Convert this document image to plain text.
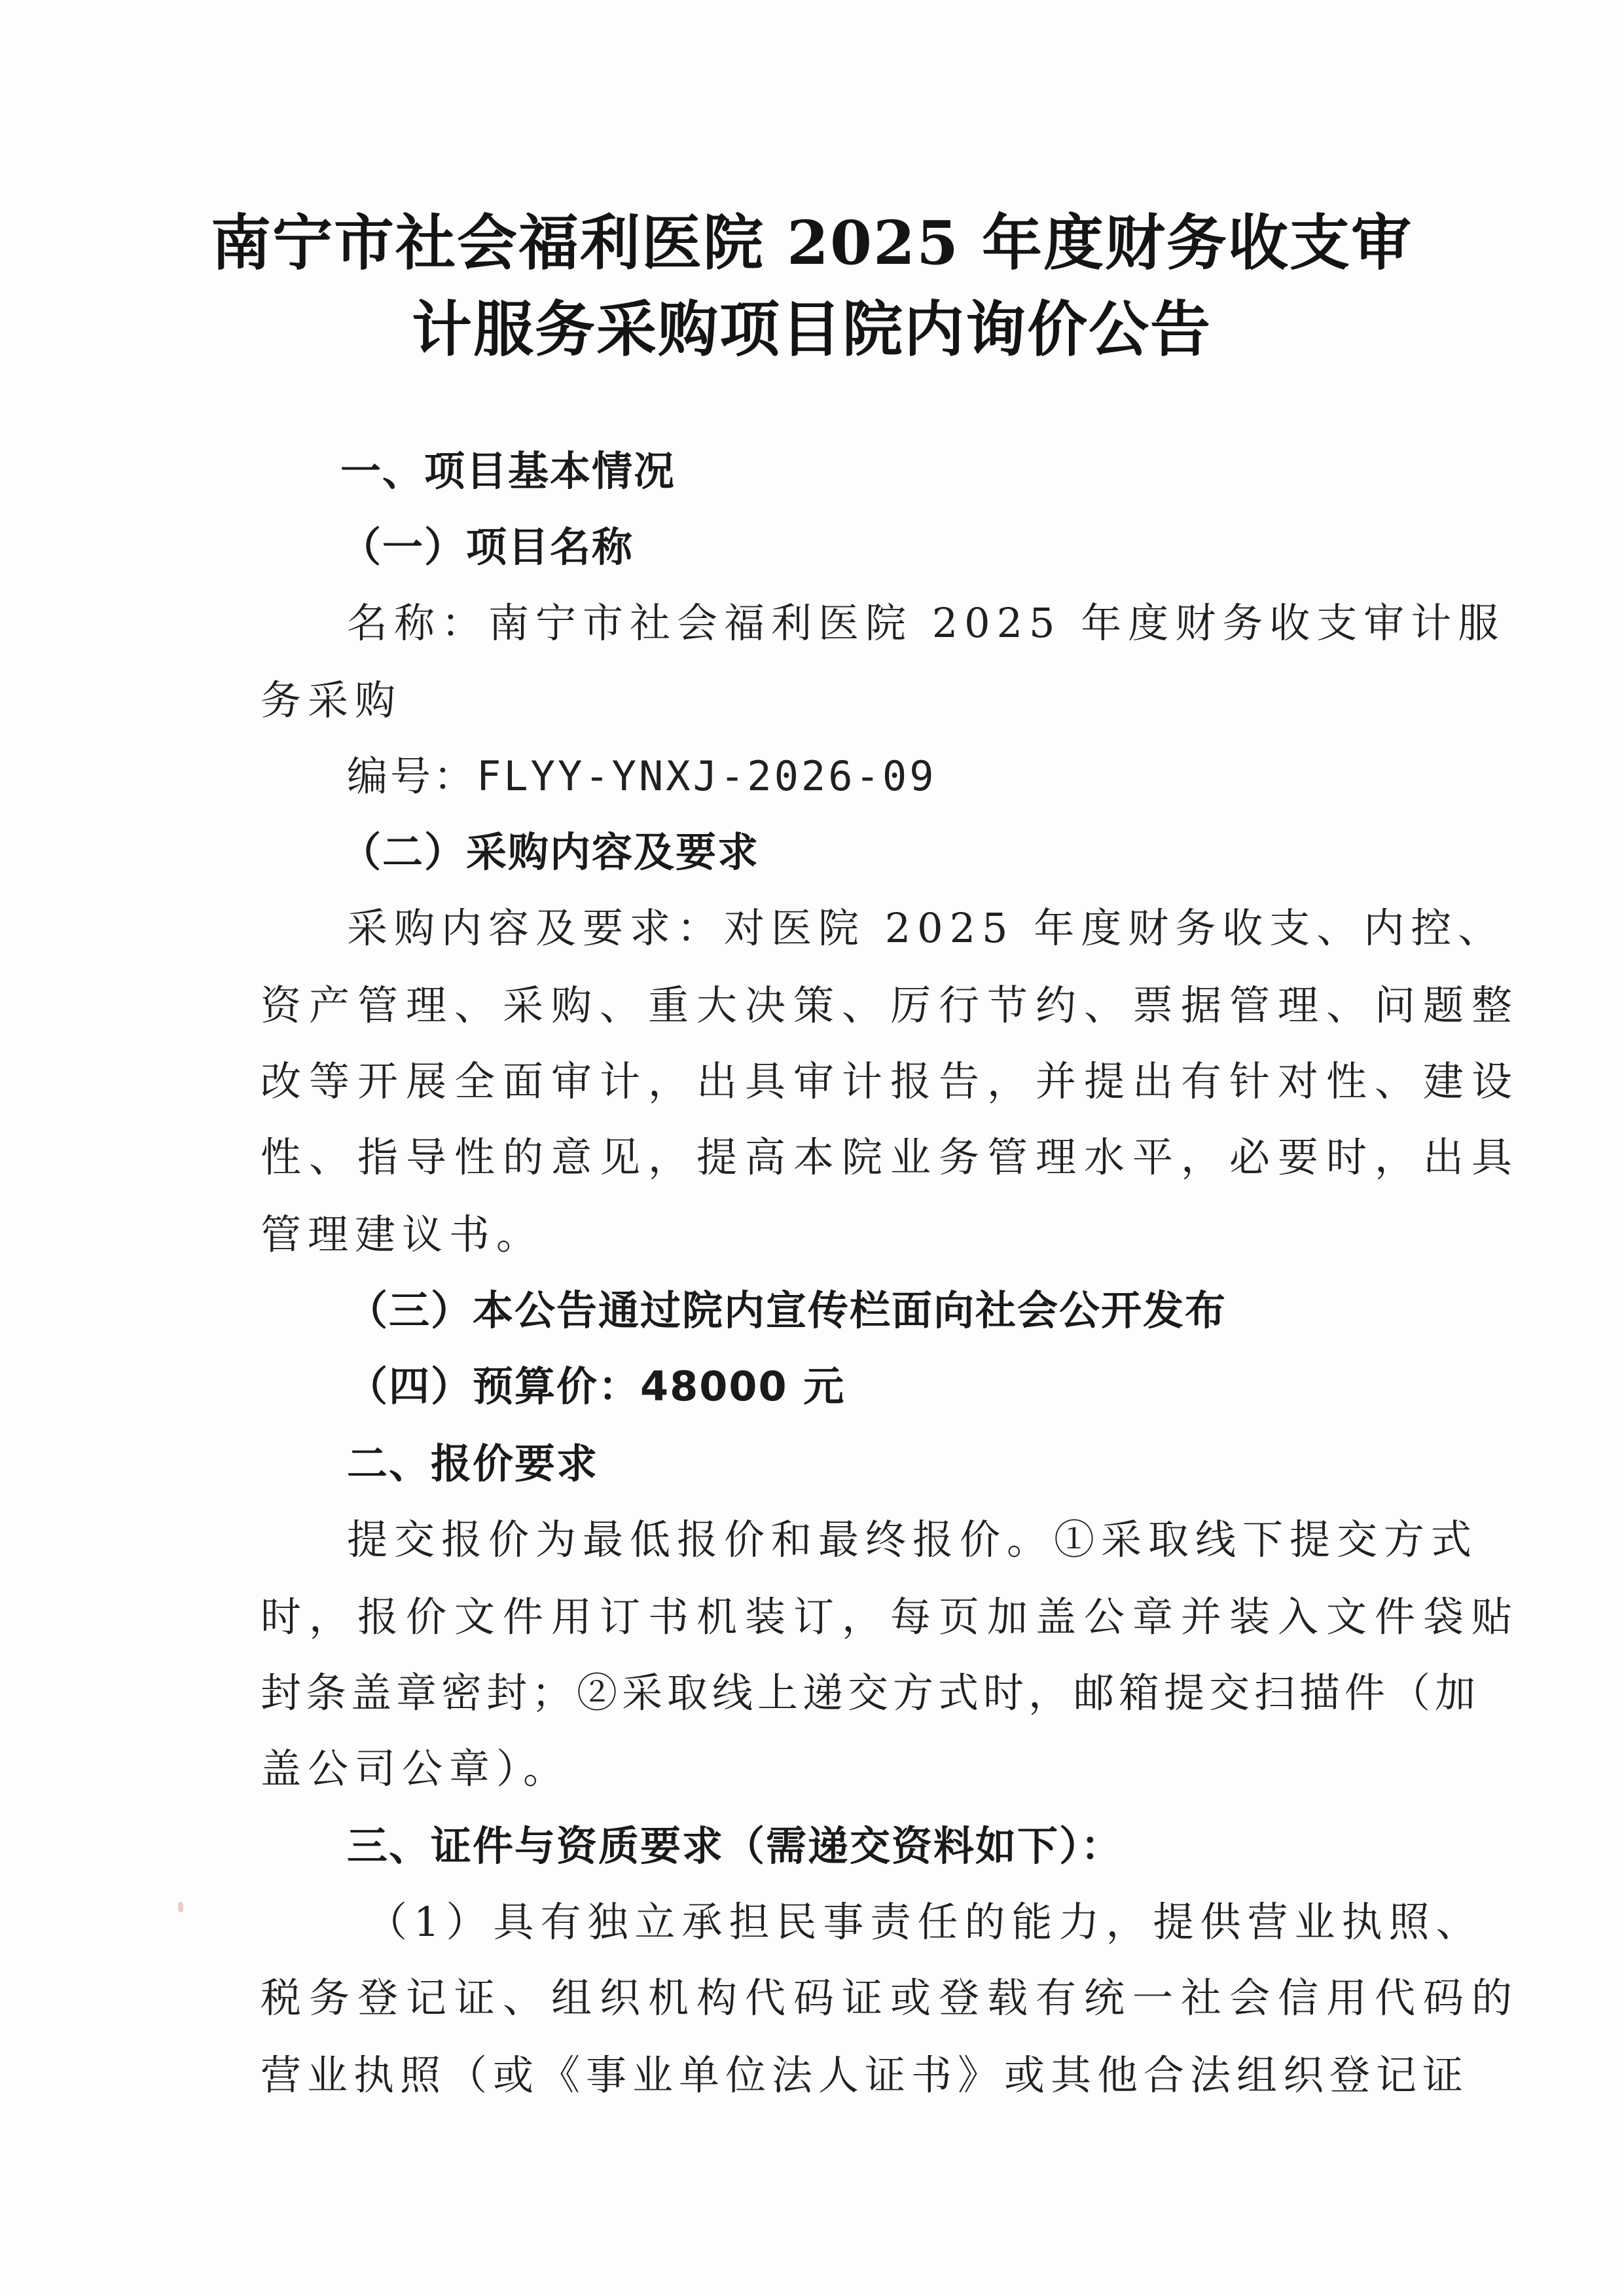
南宁市社会福利医院 2025 年度财务收支审
计服务采购项目院内询价公告
一、项目基本情况
（一）项目名称
名称：南宁市社会福利医院 2025 年度财务收支审计服
务采购
编号：FLYY-YNXJ-2026-09
（二）采购内容及要求
采购内容及要求：对医院 2025 年度财务收支、内控、
资产管理、采购、重大决策、厉行节约、票据管理、问题整
改等开展全面审计，出具审计报告，并提出有针对性、建设
性、指导性的意见，提高本院业务管理水平，必要时，出具
管理建议书。
（三）本公告通过院内宣传栏面向社会公开发布
（四）预算价：48000 元
二、报价要求
提交报价为最低报价和最终报价。①采取线下提交方式
时，报价文件用订书机装订，每页加盖公章并装入文件袋贴
封条盖章密封；②采取线上递交方式时，邮箱提交扫描件（加
盖公司公章）。
三、证件与资质要求（需递交资料如下）：
（1）具有独立承担民事责任的能力，提供营业执照、
税务登记证、组织机构代码证或登载有统一社会信用代码的
营业执照（或《事业单位法人证书》或其他合法组织登记证
